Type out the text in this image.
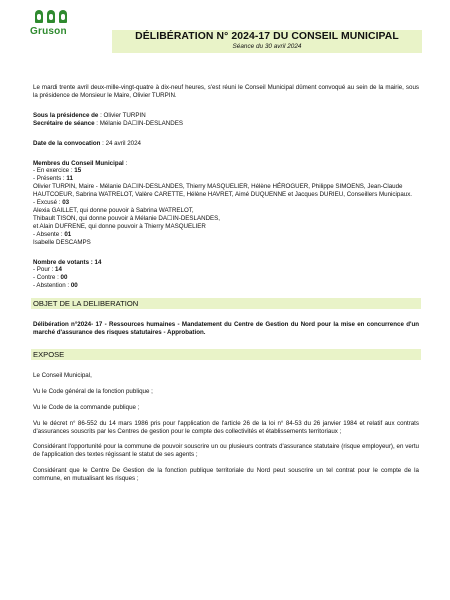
Gruson	DÉLIBÉRATION N° 2024-17 DU CONSEIL MUNICIPAL
Séance du 30 avril 2024

Le mardi trente avril deux-mille-vingt-quatre à dix-neuf heures, s'est réuni le Conseil Municipal dûment convoqué au sein de la mairie, sous la présidence de Monsieur le Maire, Olivier TURPIN.

Sous la présidence de : Olivier TURPIN

Secrétaire de séance : Mélanie DA☐IN-DESLANDES

Date de la convocation : 24 avril 2024

Membres du Conseil Municipal :

- En exercice : 15

- Présents : 11

Olivier TURPIN, Maire - Mélanie DA☐IN-DESLANDES, Thierry MASQUELIER, Hélène HÉROGUER, Philippe SIMOENS, Jean-Claude HAUTCOEUR, Sabrina WATRELOT, Valère CARETTE, Hélène HAVRET, Aimé DUQUENNE et Jacques DURIEU, Conseillers Municipaux.

- Excusé : 03

Alexia GAILLET, qui donne pouvoir à Sabrina WATRELOT,

Thibault TISON, qui donne pouvoir à Mélanie DA☐IN-DESLANDES,

et Alain DUFRENE, qui donne pouvoir à Thierry MASQUELIER

- Absente : 01

Isabelle DESCAMPS

Nombre de votants : 14

- Pour : 14

- Contre : 00

- Abstention : 00

OBJET DE LA DELIBERATION

Délibération n°2024- 17 - Ressources humaines - Mandatement du Centre de Gestion du Nord pour la mise en concurrence d'un marché d'assurance des risques statutaires - Approbation.

EXPOSE

Le Conseil Municipal,

Vu le Code général de la fonction publique ;

Vu le Code de la commande publique ;

Vu le décret n° 86-552 du 14 mars 1986 pris pour l'application de l'article 26 de la loi n° 84-53 du 26 janvier 1984 et relatif aux contrats d'assurances souscrits par les Centres de gestion pour le compte des collectivités et établissements territoriaux ;

Considérant l'opportunité pour la commune de pouvoir souscrire un ou plusieurs contrats d'assurance statutaire (risque employeur), en vertu de l'application des textes régissant le statut de ses agents ;

Considérant que le Centre De Gestion de la fonction publique territoriale du Nord peut souscrire un tel contrat pour le compte de la commune, en mutualisant les risques ;
